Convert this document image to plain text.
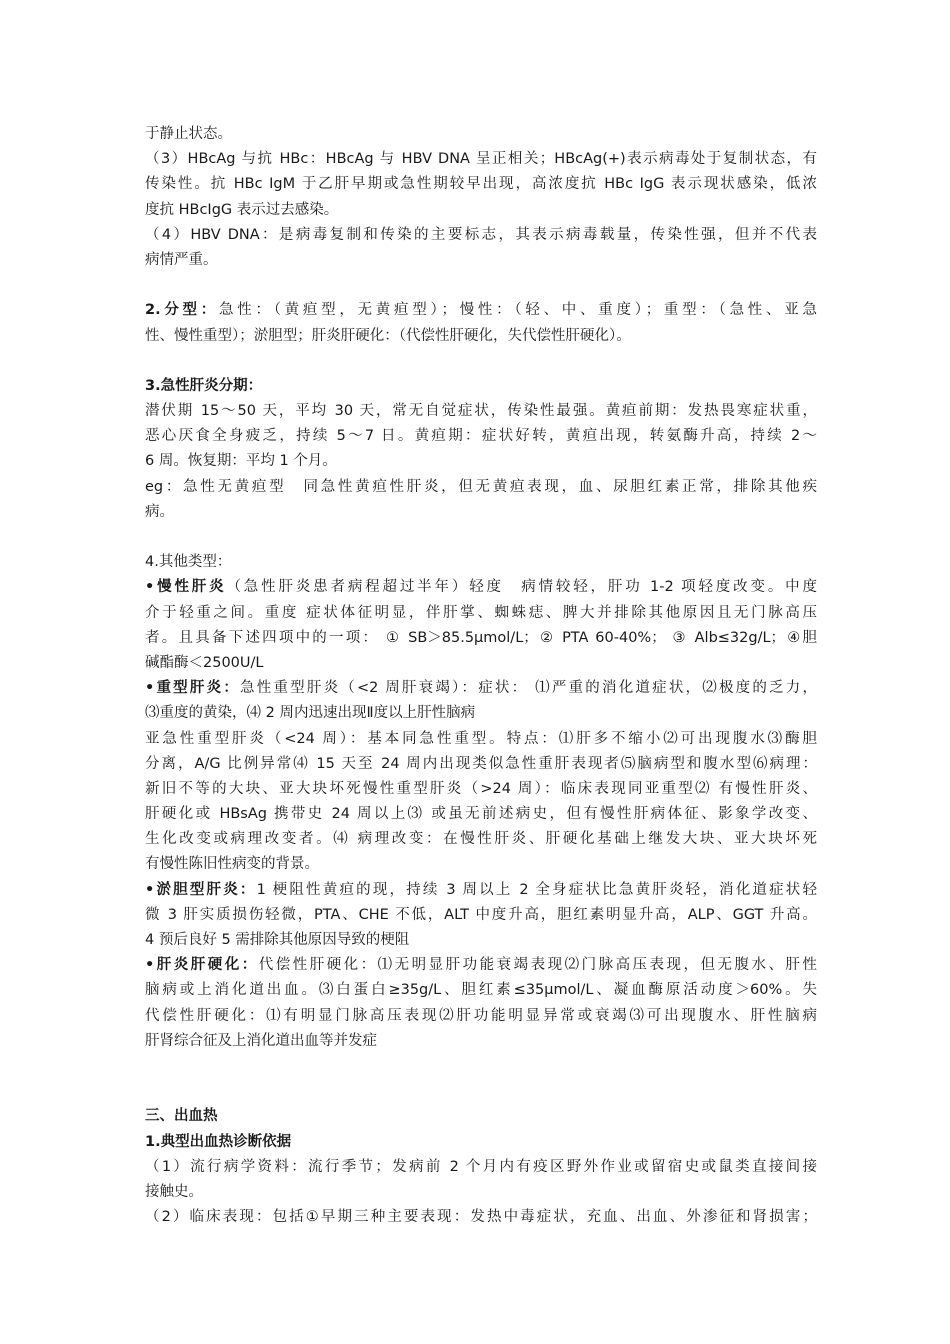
于静止状态。
（3）HBcAg 与抗 HBc：HBcAg 与 HBV DNA 呈正相关；HBcAg(+)表示病毒处于复制状态，有
传染性。抗 HBc IgM 于乙肝早期或急性期较早出现，高浓度抗 HBc IgG 表示现状感染，低浓
度抗 HBcIgG 表示过去感染。
（4）HBV DNA：是病毒复制和传染的主要标志，其表示病毒载量，传染性强，但并不代表
病情严重。
2.分型：急性：（黄疸型，无黄疸型）；慢性：（轻、中、重度）；重型：（急性、亚急
性、慢性重型）；淤胆型；肝炎肝硬化：（代偿性肝硬化，失代偿性肝硬化）。
3.急性肝炎分期：
潜伏期 15～50 天，平均 30 天，常无自觉症状，传染性最强。黄疸前期：发热畏寒症状重，
恶心厌食全身疲乏，持续 5～7 日。黄疸期：症状好转，黄疸出现，转氨酶升高，持续 2～
6 周。恢复期：平均 1 个月。
eg：急性无黄疸型　同急性黄疸性肝炎，但无黄疸表现，血、尿胆红素正常，排除其他疾
病。
4.其他类型：
•慢性肝炎（急性肝炎患者病程超过半年）轻度　病情较轻，肝功 1-2 项轻度改变。中度
介于轻重之间。重度 症状体征明显，伴肝掌、蜘蛛痣、脾大并排除其他原因且无门脉高压
者。且具备下述四项中的一项： ① SB＞85.5μmol/L；② PTA 60-40%； ③ Alb≤32g/L；④胆
碱酯酶＜2500U/L
•重型肝炎：急性重型肝炎（<2 周肝衰竭）：症状： ⑴严重的消化道症状，⑵极度的乏力，
⑶重度的黄染，⑷ 2 周内迅速出现Ⅱ度以上肝性脑病
亚急性重型肝炎（<24 周）：基本同急性重型。特点：⑴肝多不缩小⑵可出现腹水⑶酶胆
分离，A/G 比例异常⑷ 15 天至 24 周内出现类似急性重肝表现者⑸脑病型和腹水型⑹病理：
新旧不等的大块、亚大块坏死慢性重型肝炎（>24 周）：临床表现同亚重型⑵ 有慢性肝炎、
肝硬化或 HBsAg 携带史 24 周以上⑶ 或虽无前述病史，但有慢性肝病体征、影象学改变、
生化改变或病理改变者。⑷ 病理改变：在慢性肝炎、肝硬化基础上继发大块、亚大块坏死
有慢性陈旧性病变的背景。
•淤胆型肝炎：1 梗阻性黄疸的现，持续 3 周以上 2 全身症状比急黄肝炎轻，消化道症状轻
微 3 肝实质损伤轻微，PTA、CHE 不低，ALT 中度升高，胆红素明显升高，ALP、GGT 升高。
4 预后良好 5 需排除其他原因导致的梗阻
•肝炎肝硬化：代偿性肝硬化：⑴无明显肝功能衰竭表现⑵门脉高压表现，但无腹水、肝性
脑病或上消化道出血。⑶白蛋白≥35g/L、胆红素≤35μmol/L、凝血酶原活动度＞60%。失
代偿性肝硬化：⑴有明显门脉高压表现⑵肝功能明显异常或衰竭⑶可出现腹水、肝性脑病
肝肾综合征及上消化道出血等并发症
三、出血热
1.典型出血热诊断依据
（1）流行病学资料：流行季节；发病前 2 个月内有疫区野外作业或留宿史或鼠类直接间接
接触史。
（2）临床表现：包括①早期三种主要表现：发热中毒症状，充血、出血、外渗征和肾损害；
